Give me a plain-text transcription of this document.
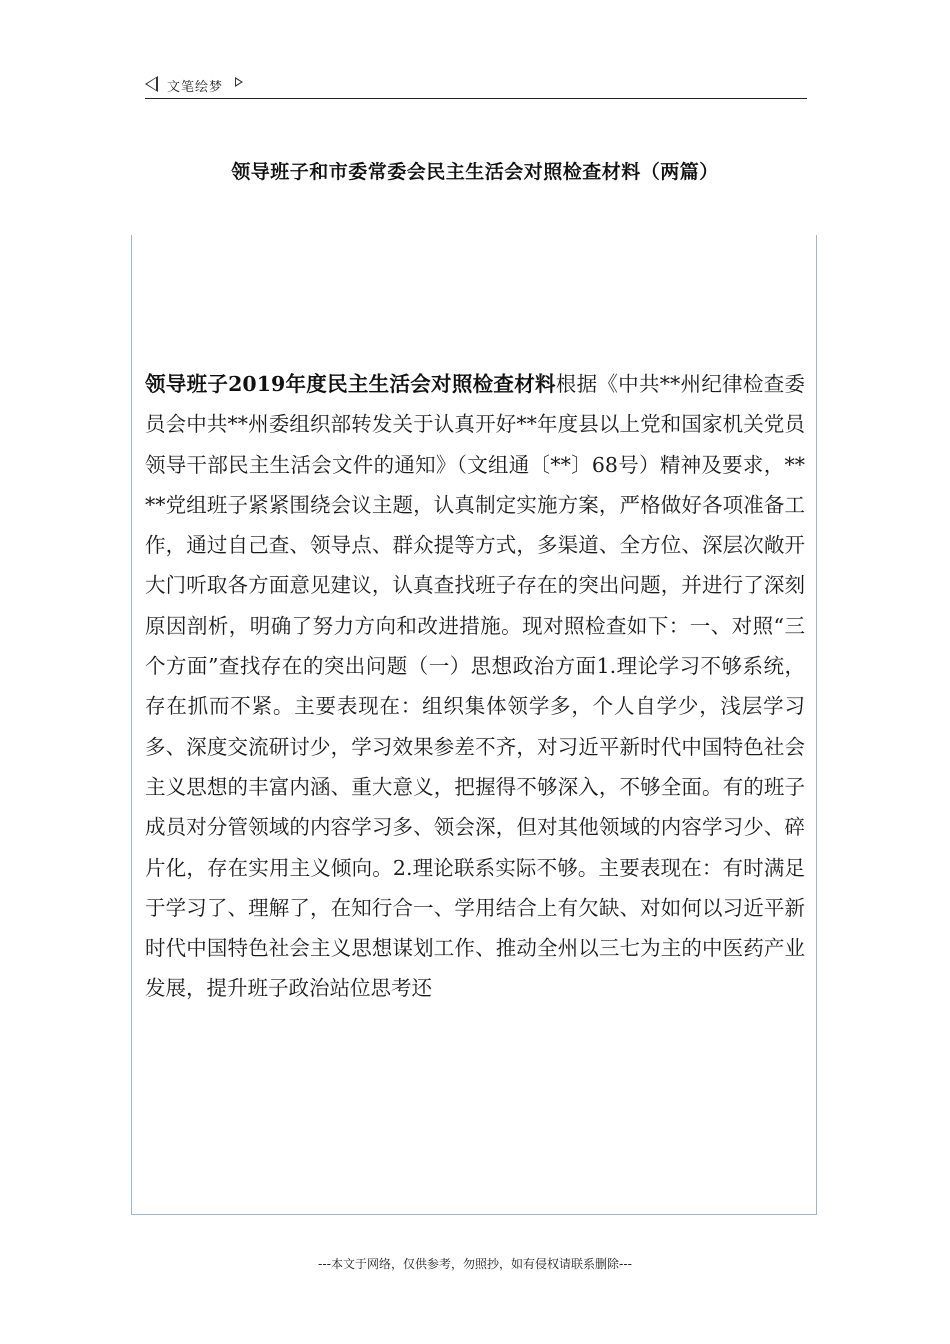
文笔绘梦
领导班子和市委常委会民主生活会对照检查材料（两篇）

领导班子2019年度民主生活会对照检查材料根据《中共**州纪律检查委员会中共**州委组织部转发关于认真开好**年度县以上党和国家机关党员领导干部民主生活会文件的通知》（文组通〔**〕68号）精神及要求，****党组班子紧紧围绕会议主题，认真制定实施方案，严格做好各项准备工作，通过自己查、领导点、群众提等方式，多渠道、全方位、深层次敞开大门听取各方面意见建议，认真查找班子存在的突出问题，并进行了深刻原因剖析，明确了努力方向和改进措施。现对照检查如下：一、对照“三个方面”查找存在的突出问题（一）思想政治方面1.理论学习不够系统，存在抓而不紧。主要表现在：组织集体领学多，个人自学少，浅层学习多、深度交流研讨少，学习效果参差不齐，对习近平新时代中国特色社会主义思想的丰富内涵、重大意义，把握得不够深入，不够全面。有的班子成员对分管领域的内容学习多、领会深，但对其他领域的内容学习少、碎片化，存在实用主义倾向。2.理论联系实际不够。主要表现在：有时满足于学习了、理解了，在知行合一、学用结合上有欠缺、对如何以习近平新时代中国特色社会主义思想谋划工作、推动全州以三七为主的中医药产业发展，提升班子政治站位思考还

---本文于网络，仅供参考，勿照抄，如有侵权请联系删除---
